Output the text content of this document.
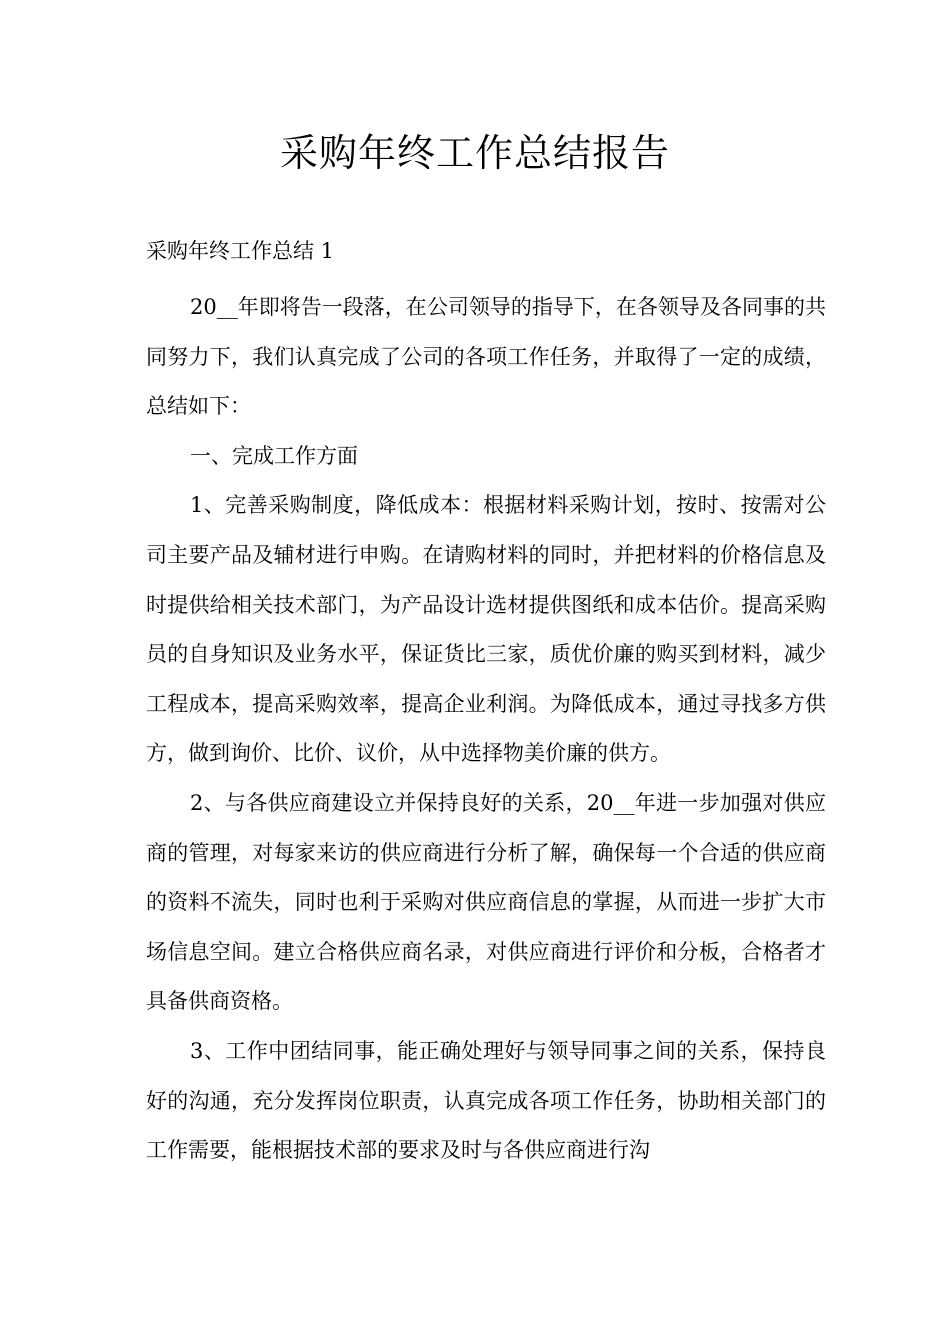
采购年终工作总结报告

采购年终工作总结 1

20__年即将告一段落，在公司领导的指导下，在各领导及各同事的共同努力下，我们认真完成了公司的各项工作任务，并取得了一定的成绩，总结如下：

一、完成工作方面

1、完善采购制度，降低成本：根据材料采购计划，按时、按需对公司主要产品及辅材进行申购。在请购材料的同时，并把材料的价格信息及时提供给相关技术部门，为产品设计选材提供图纸和成本估价。提高采购员的自身知识及业务水平，保证货比三家，质优价廉的购买到材料，减少工程成本，提高采购效率，提高企业利润。为降低成本，通过寻找多方供方，做到询价、比价、议价，从中选择物美价廉的供方。

2、与各供应商建设立并保持良好的关系，20__年进一步加强对供应商的管理，对每家来访的供应商进行分析了解，确保每一个合适的供应商的资料不流失，同时也利于采购对供应商信息的掌握，从而进一步扩大市场信息空间。建立合格供应商名录，对供应商进行评价和分板，合格者才具备供商资格。

3、工作中团结同事，能正确处理好与领导同事之间的关系，保持良好的沟通，充分发挥岗位职责，认真完成各项工作任务，协助相关部门的工作需要，能根据技术部的要求及时与各供应商进行沟
